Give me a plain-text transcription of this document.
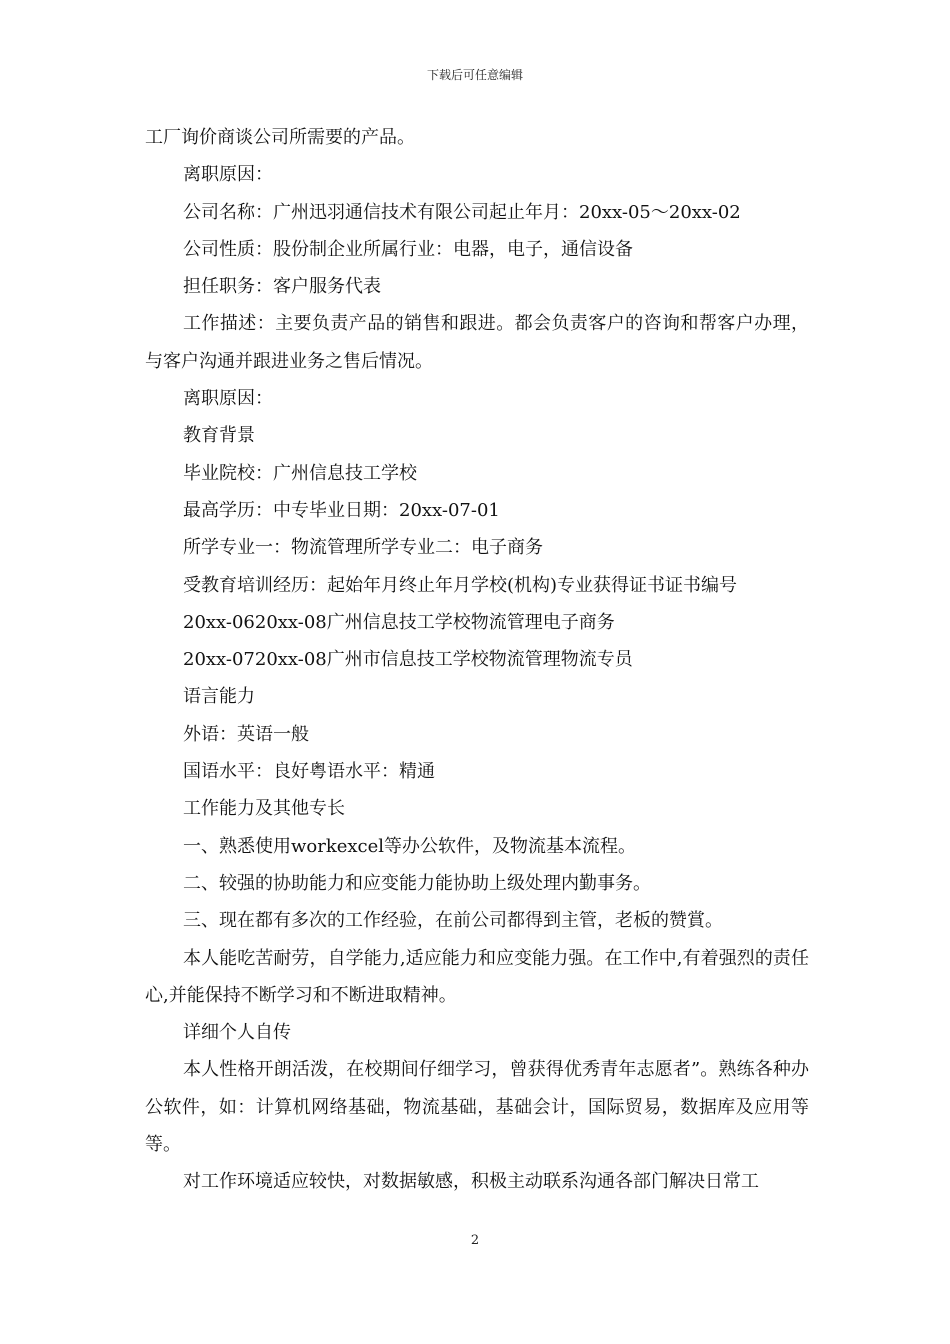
下载后可任意编辑

工厂询价商谈公司所需要的产品。

离职原因：

公司名称：广州迅羽通信技术有限公司起止年月：20xx-05～20xx-02

公司性质：股份制企业所属行业：电器，电子，通信设备

担任职务：客户服务代表

工作描述：主要负责产品的销售和跟进。都会负责客户的咨询和帮客户办理，与客户沟通并跟进业务之售后情况。

离职原因：

教育背景

毕业院校：广州信息技工学校

最高学历：中专毕业日期：20xx-07-01

所学专业一：物流管理所学专业二：电子商务

受教育培训经历：起始年月终止年月学校(机构)专业获得证书证书编号

20xx-0620xx-08广州信息技工学校物流管理电子商务

20xx-0720xx-08广州市信息技工学校物流管理物流专员

语言能力

外语：英语一般

国语水平：良好粤语水平：精通

工作能力及其他专长

一、熟悉使用workexcel等办公软件，及物流基本流程。

二、较强的协助能力和应变能力能协助上级处理内勤事务。

三、现在都有多次的工作经验，在前公司都得到主管，老板的赞賞。

本人能吃苦耐劳，自学能力,适应能力和应变能力强。在工作中,有着强烈的责任心,并能保持不断学习和不断进取精神。

详细个人自传

本人性格开朗活泼，在校期间仔细学习，曾获得优秀青年志愿者”。熟练各种办公软件，如：计算机网络基础，物流基础，基础会计，国际贸易，数据库及应用等等。

对工作环境适应较快，对数据敏感，积极主动联系沟通各部门解决日常工

2
